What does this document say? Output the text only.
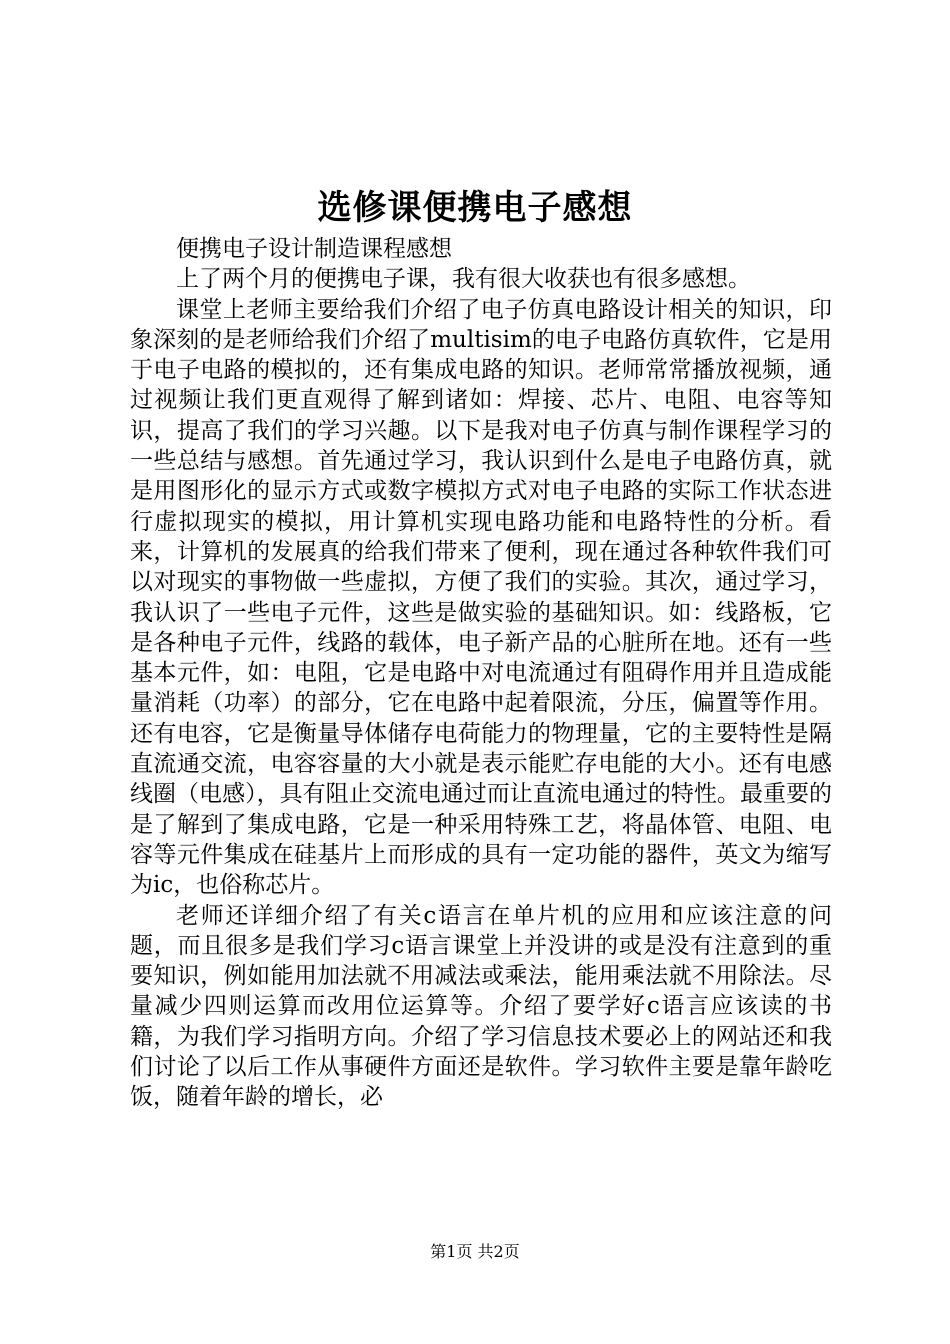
选修课便携电子感想

便携电子设计制造课程感想

上了两个月的便携电子课，我有很大收获也有很多感想。

课堂上老师主要给我们介绍了电子仿真电路设计相关的知识，印象深刻的是老师给我们介绍了multisim的电子电路仿真软件，它是用于电子电路的模拟的，还有集成电路的知识。老师常常播放视频，通过视频让我们更直观得了解到诸如：焊接、芯片、电阻、电容等知识，提高了我们的学习兴趣。以下是我对电子仿真与制作课程学习的一些总结与感想。首先通过学习，我认识到什么是电子电路仿真，就是用图形化的显示方式或数字模拟方式对电子电路的实际工作状态进行虚拟现实的模拟，用计算机实现电路功能和电路特性的分析。看来，计算机的发展真的给我们带来了便利，现在通过各种软件我们可以对现实的事物做一些虚拟，方便了我们的实验。其次，通过学习，我认识了一些电子元件，这些是做实验的基础知识。如：线路板，它是各种电子元件，线路的载体，电子新产品的心脏所在地。还有一些基本元件，如：电阻，它是电路中对电流通过有阻碍作用并且造成能量消耗（功率）的部分，它在电路中起着限流，分压，偏置等作用。还有电容，它是衡量导体储存电荷能力的物理量，它的主要特性是隔直流通交流，电容容量的大小就是表示能贮存电能的大小。还有电感线圈（电感），具有阻止交流电通过而让直流电通过的特性。最重要的是了解到了集成电路，它是一种采用特殊工艺，将晶体管、电阻、电容等元件集成在硅基片上而形成的具有一定功能的器件，英文为缩写为ic，也俗称芯片。

老师还详细介绍了有关c语言在单片机的应用和应该注意的问题，而且很多是我们学习c语言课堂上并没讲的或是没有注意到的重要知识，例如能用加法就不用减法或乘法，能用乘法就不用除法。尽量减少四则运算而改用位运算等。介绍了要学好c语言应该读的书籍，为我们学习指明方向。介绍了学习信息技术要必上的网站还和我们讨论了以后工作从事硬件方面还是软件。学习软件主要是靠年龄吃饭，随着年龄的增长，必

第1页 共2页
